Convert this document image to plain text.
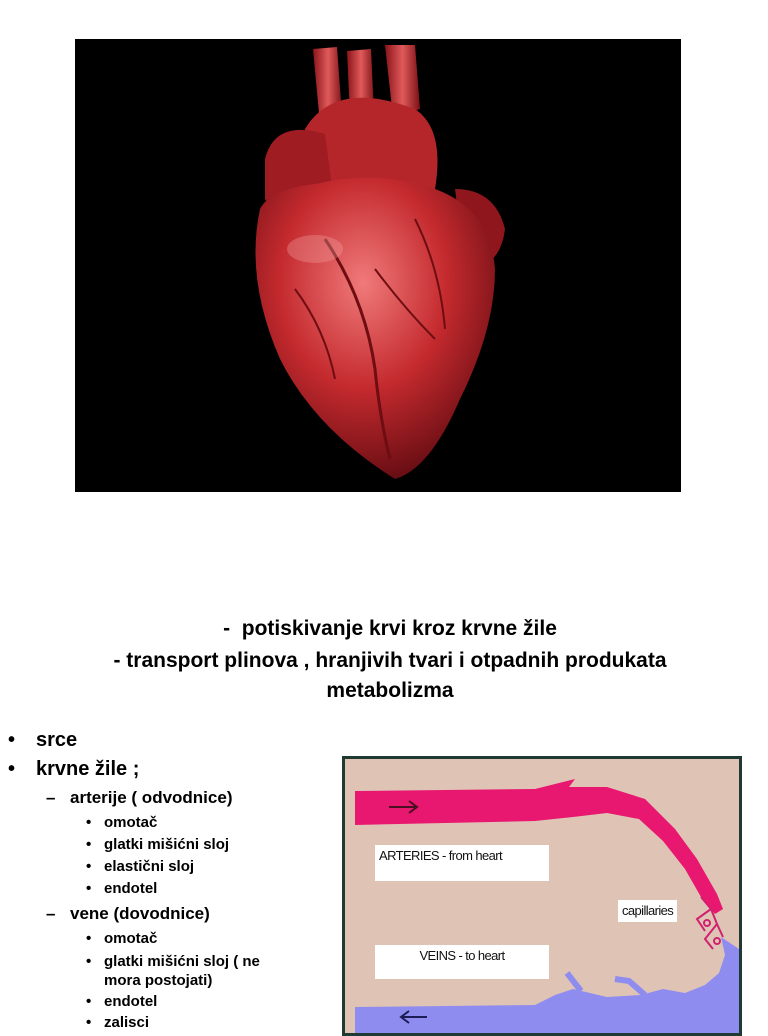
- potiskivanje krvi kroz krvne žile
- transport plinova , hranjivih tvari i otpadnih produkata
metabolizma
• srce
• krvne žile ;
– arterije ( odvodnice)
• omotač
• glatki mišićni sloj
• elastični sloj
• endotel
– vene (dovodnice)
• omotač
• glatki mišićni sloj ( ne
mora postojati)
• endotel
• zalisci
ARTERIES - from heart
capillaries
VEINS - to heart
